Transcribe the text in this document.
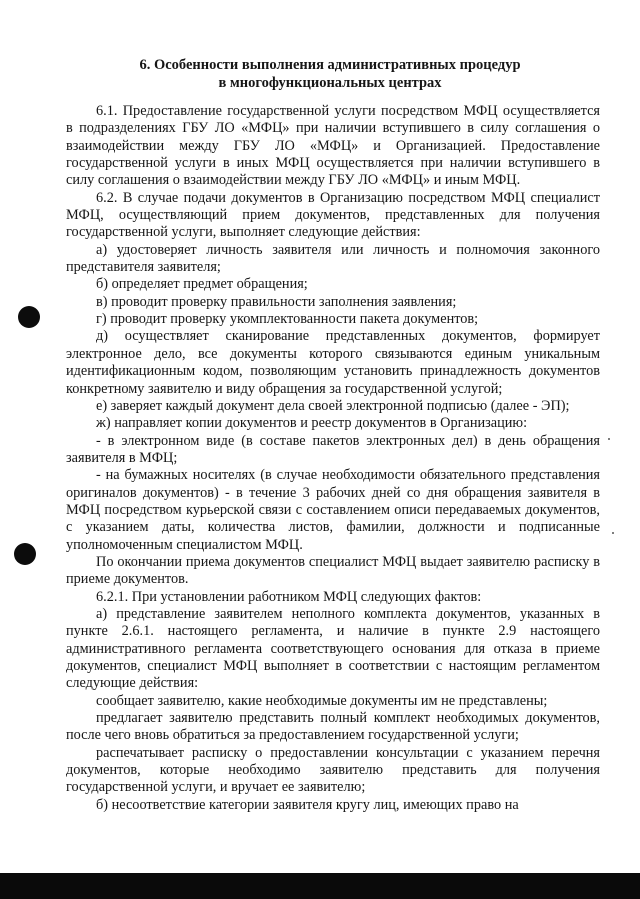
6. Особенности выполнения административных процедур
в многофункциональных центрах

6.1. Предоставление государственной услуги посредством МФЦ осуществляется в подразделениях ГБУ ЛО «МФЦ» при наличии вступившего в силу соглашения о взаимодействии между ГБУ ЛО «МФЦ» и Организацией. Предоставление государственной услуги в иных МФЦ осуществляется при наличии вступившего в силу соглашения о взаимодействии между ГБУ ЛО «МФЦ» и иным МФЦ.

6.2. В случае подачи документов в Организацию посредством МФЦ специалист МФЦ, осуществляющий прием документов, представленных для получения государственной услуги, выполняет следующие действия:

а) удостоверяет личность заявителя или личность и полномочия законного представителя заявителя;

б) определяет предмет обращения;

в) проводит проверку правильности заполнения заявления;

г) проводит проверку укомплектованности пакета документов;

д) осуществляет сканирование представленных документов, формирует электронное дело, все документы которого связываются единым уникальным идентификационным кодом, позволяющим установить принадлежность документов конкретному заявителю и виду обращения за государственной услугой;

е) заверяет каждый документ дела своей электронной подписью (далее - ЭП);

ж) направляет копии документов и реестр документов в Организацию:

- в электронном виде (в составе пакетов электронных дел) в день обращения заявителя в МФЦ;

- на бумажных носителях (в случае необходимости обязательного представления оригиналов документов) - в течение 3 рабочих дней со дня обращения заявителя в МФЦ посредством курьерской связи с составлением описи передаваемых документов, с указанием даты, количества листов, фамилии, должности и подписанные уполномоченным специалистом МФЦ.

По окончании приема документов специалист МФЦ выдает заявителю расписку в приеме документов.

6.2.1. При установлении работником МФЦ следующих фактов:

а) представление заявителем неполного комплекта документов, указанных в пункте 2.6.1. настоящего регламента, и наличие в пункте 2.9 настоящего административного регламента соответствующего основания для отказа в приеме документов, специалист МФЦ выполняет в соответствии с настоящим регламентом следующие действия:

сообщает заявителю, какие необходимые документы им не представлены;

предлагает заявителю представить полный комплект необходимых документов, после чего вновь обратиться за предоставлением государственной услуги;

распечатывает расписку о предоставлении консультации с указанием перечня документов, которые необходимо заявителю представить для получения государственной услуги, и вручает ее заявителю;

б) несоответствие категории заявителя кругу лиц, имеющих право на
